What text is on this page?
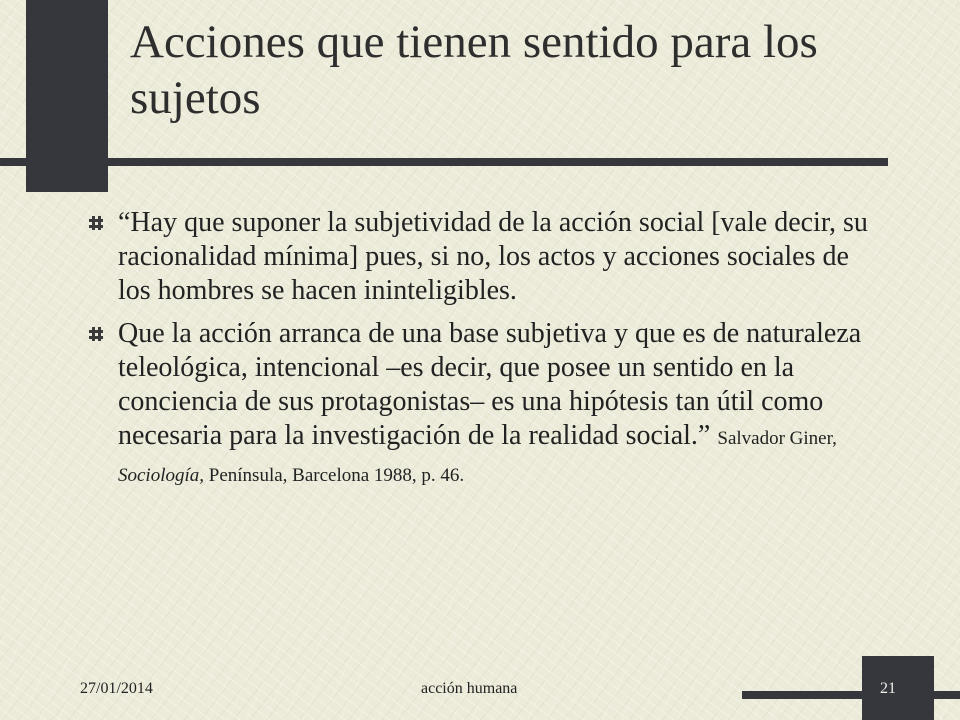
Acciones que tienen sentido para los sujetos
“Hay que suponer la subjetividad de la acción social [vale decir, su racionalidad mínima] pues, si no, los actos y acciones sociales de los hombres se hacen ininteligibles.
Que la acción arranca de una base subjetiva y que es de naturaleza teleológica, intencional –es decir, que posee un sentido en la conciencia de sus protagonistas– es una hipótesis tan útil como necesaria para la investigación de la realidad social.” Salvador Giner, Sociología, Península, Barcelona 1988, p. 46.
27/01/2014	acción humana	21
